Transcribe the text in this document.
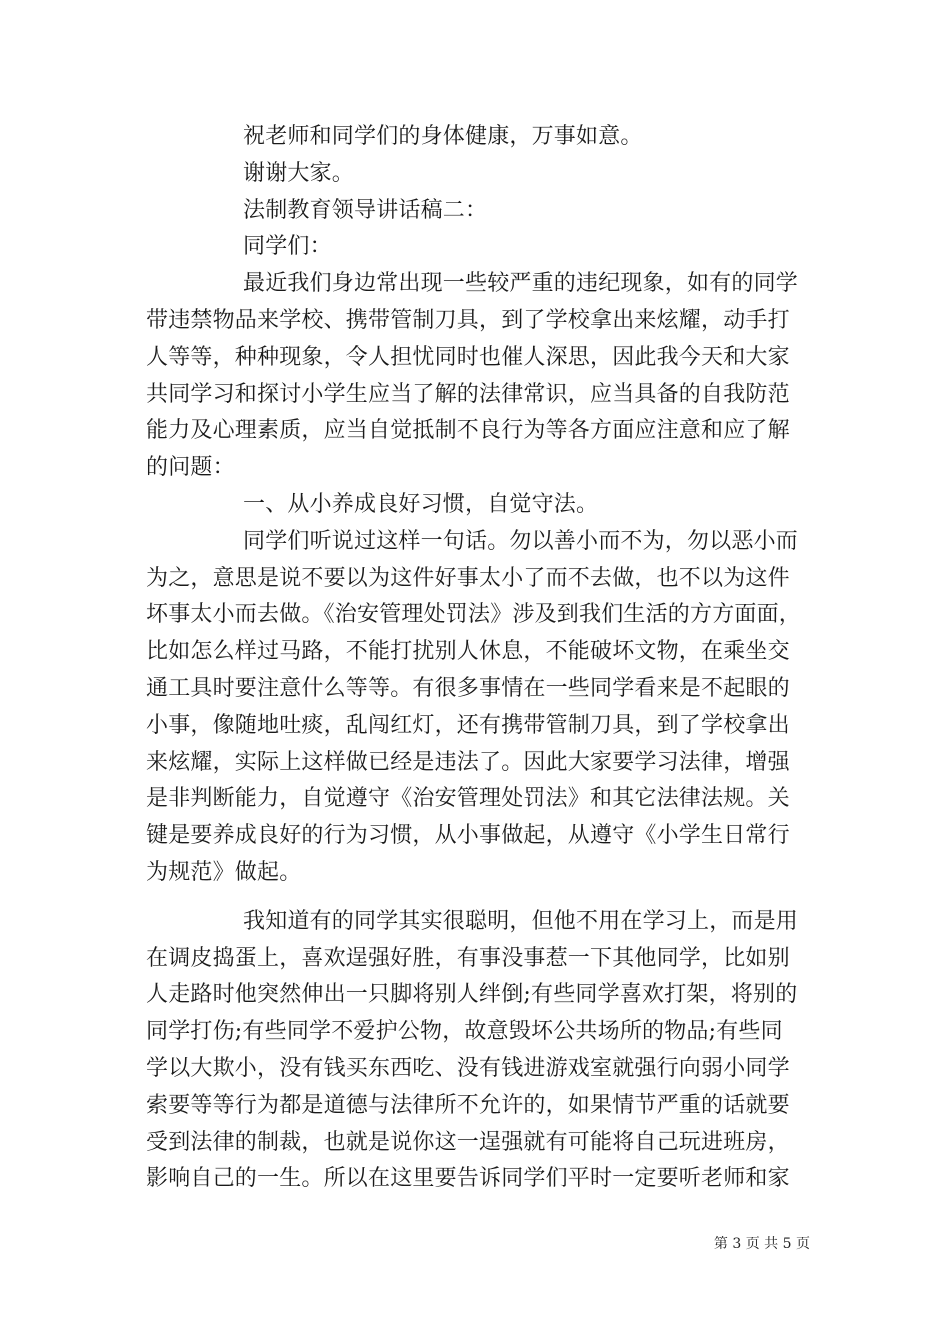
祝老师和同学们的身体健康，万事如意。
谢谢大家。
法制教育领导讲话稿二：
同学们：
最近我们身边常出现一些较严重的违纪现象，如有的同学
带违禁物品来学校、携带管制刀具，到了学校拿出来炫耀，动手打
人等等，种种现象，令人担忧同时也催人深思，因此我今天和大家
共同学习和探讨小学生应当了解的法律常识，应当具备的自我防范
能力及心理素质，应当自觉抵制不良行为等各方面应注意和应了解
的问题：
一、从小养成良好习惯，自觉守法。
同学们听说过这样一句话。勿以善小而不为，勿以恶小而
为之，意思是说不要以为这件好事太小了而不去做，也不以为这件
坏事太小而去做。《治安管理处罚法》涉及到我们生活的方方面面，
比如怎么样过马路，不能打扰别人休息，不能破坏文物，在乘坐交
通工具时要注意什么等等。有很多事情在一些同学看来是不起眼的
小事，像随地吐痰，乱闯红灯，还有携带管制刀具，到了学校拿出
来炫耀，实际上这样做已经是违法了。因此大家要学习法律，增强
是非判断能力，自觉遵守《治安管理处罚法》和其它法律法规。关
键是要养成良好的行为习惯，从小事做起，从遵守《小学生日常行
为规范》做起。
我知道有的同学其实很聪明，但他不用在学习上，而是用
在调皮捣蛋上，喜欢逞强好胜，有事没事惹一下其他同学，比如别
人走路时他突然伸出一只脚将别人绊倒;有些同学喜欢打架，将别的
同学打伤;有些同学不爱护公物，故意毁坏公共场所的物品;有些同
学以大欺小，没有钱买东西吃、没有钱进游戏室就强行向弱小同学
索要等等行为都是道德与法律所不允许的，如果情节严重的话就要
受到法律的制裁，也就是说你这一逞强就有可能将自己玩进班房，
影响自己的一生。所以在这里要告诉同学们平时一定要听老师和家
第 3 页 共 5 页
